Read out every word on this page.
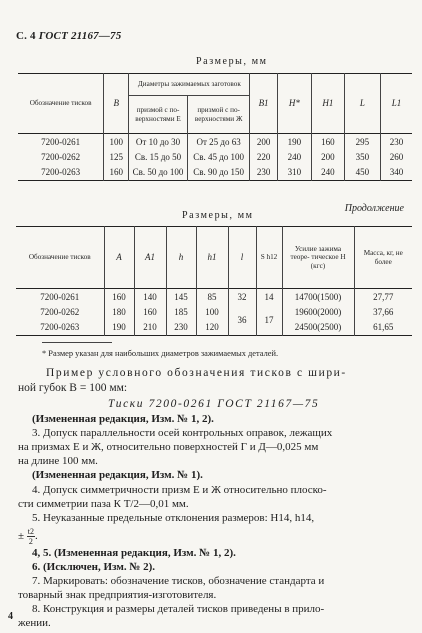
С. 4 ГОСТ 21167—75
Размеры, мм
Обозначение тисков	B	Диаметры зажимаемых заготовок		B1	H*	H1	L	L1
		призмой с по- верхностями Е	призмой с по- верхностями Ж					
7200-0261	100	От 10 до 30	От 25 до 63	200	190	160	295	230
7200-0262	125	Св. 15 до 50	Св. 45 до 100	220	240	200	350	260
7200-0263	160	Св. 50 до 100	Св. 90 до 150	230	310	240	450	340
Продолжение
Размеры, мм
Обозначение тисков	A	A1	h	h1	l	S h12	Усилие зажима теоре- тическое Н (кгс)	Масса, кг, не более
7200-0261	160	140	145	85	32	14	14700(1500)	27,77
7200-0262	180	160	185	100	36	17	19600(2000)	37,66
7200-0263	190	210	230	120			24500(2500)	61,65
* Размер указан для наибольших диаметров зажимаемых деталей.
Пример условного обозначения тисков с шири-
ной губок B = 100 мм:
Тиски 7200-0261 ГОСТ 21167—75
(Измененная редакция, Изм. № 1, 2).
3. Допуск параллельности осей контрольных оправок, лежащих
на призмах Е и Ж, относительно поверхностей Г и Д—0,025 мм
на длине 100 мм.
(Измененная редакция, Изм. № 1).
4. Допуск симметричности призм Е и Ж относительно плоско-
сти симметрии паза К Т/2—0,01 мм.
5. Неуказанные предельные отклонения размеров: H14, h14,
± $\frac{t2}{2}$ .
4, 5. (Измененная редакция, Изм. № 1, 2).
6. (Исключен, Изм. № 2).
7. Маркировать: обозначение тисков, обозначение стандарта и
товарный знак предприятия-изготовителя.
8. Конструкция и размеры деталей тисков приведены в прило-
жении.
4
